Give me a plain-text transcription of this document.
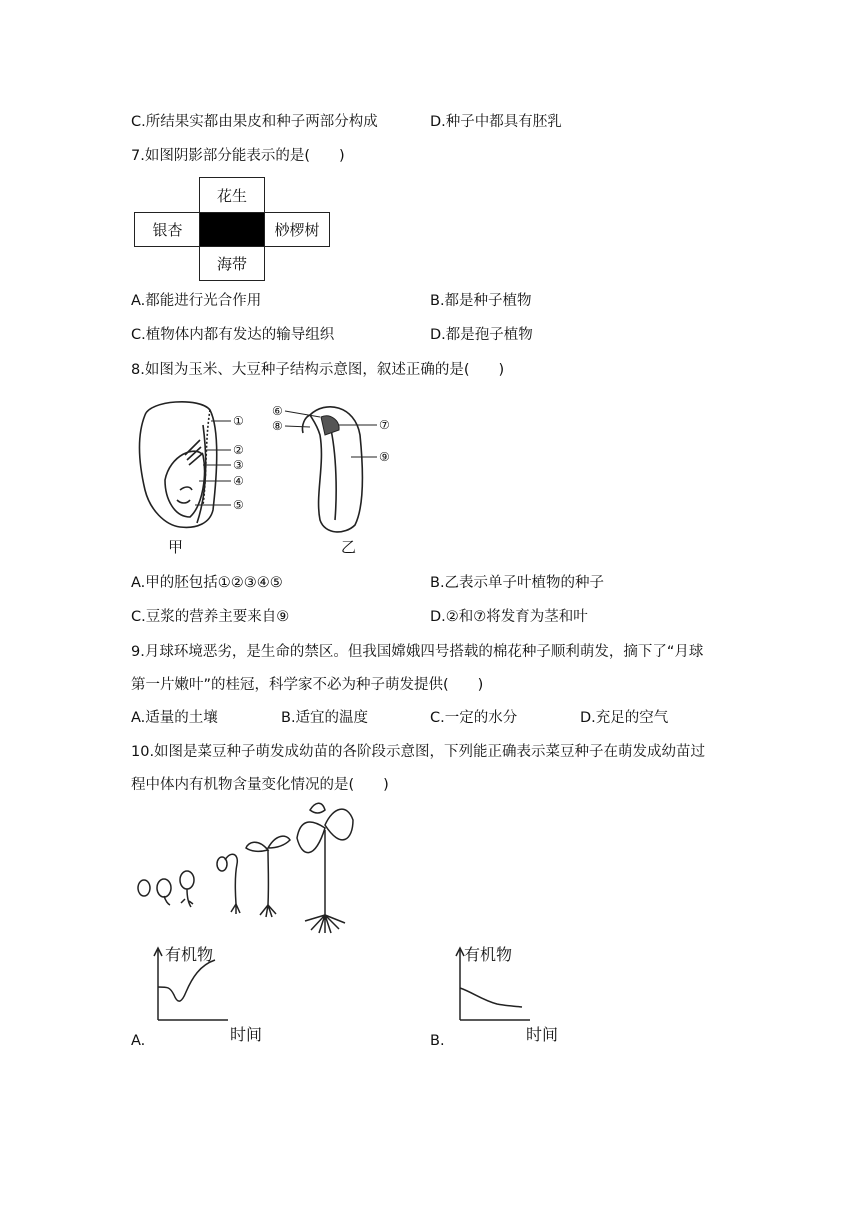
C.所结果实都由果皮和种子两部分构成	D.种子中都具有胚乳
7.如图阴影部分能表示的是(　　)
花生
银杏	桫椤树
海带
A.都能进行光合作用	B.都是种子植物
C.植物体内都有发达的输导组织	D.都是孢子植物
8.如图为玉米、大豆种子结构示意图，叙述正确的是(　　)
①
②
③
④
⑤
⑥
⑦
⑧
⑨
甲	乙
A.甲的胚包括①②③④⑤	B.乙表示单子叶植物的种子
C.豆浆的营养主要来自⑨	D.②和⑦将发育为茎和叶
9.月球环境恶劣，是生命的禁区。但我国嫦娥四号搭载的棉花种子顺利萌发，摘下了“月球
第一片嫩叶”的桂冠，科学家不必为种子萌发提供(　　)
A.适量的土壤	B.适宜的温度	C.一定的水分	D.充足的空气
10.如图是菜豆种子萌发成幼苗的各阶段示意图，下列能正确表示菜豆种子在萌发成幼苗过
程中体内有机物含量变化情况的是(　　)
有机物
时间
A.
有机物
时间
B.
